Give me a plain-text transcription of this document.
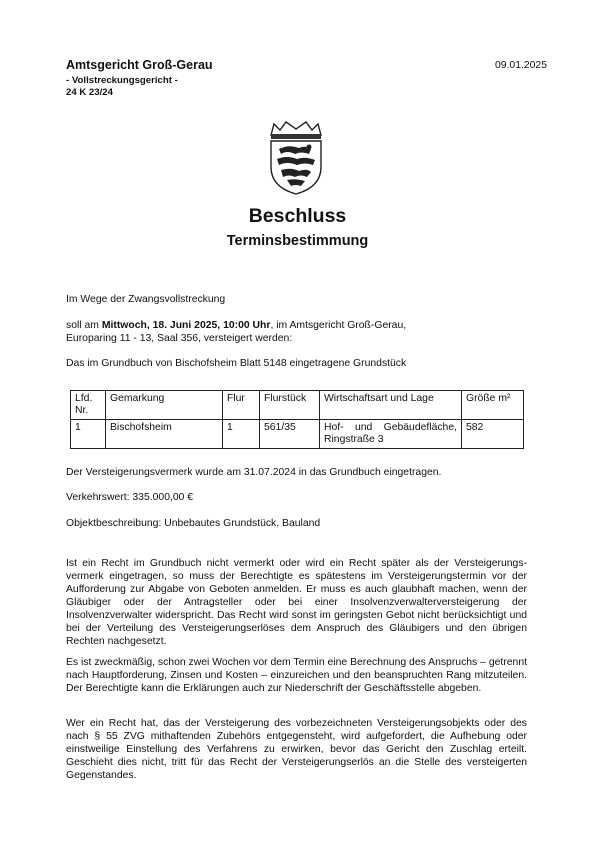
Amtsgericht Groß-Gerau
- Vollstreckungsgericht -
24 K 23/24
09.01.2025
Beschluss
Terminsbestimmung
Im Wege der Zwangsvollstreckung
soll am Mittwoch, 18. Juni 2025, 10:00 Uhr, im Amtsgericht Groß-Gerau,
Europaring 11 - 13, Saal 356, versteigert werden:
Das im Grundbuch von Bischofsheim Blatt 5148 eingetragene Grundstück
Lfd. Nr.	Gemarkung	Flur	Flurstück	Wirtschaftsart und Lage	Größe m²
1	Bischofsheim	1	561/35	Hof- und Gebäudefläche, Ringstraße 3	582
Der Versteigerungsvermerk wurde am 31.07.2024 in das Grundbuch eingetragen.
Verkehrswert: 335.000,00 €
Objektbeschreibung: Unbebautes Grundstück, Bauland
Ist ein Recht im Grundbuch nicht vermerkt oder wird ein Recht später als der Versteigerungsvermerk eingetragen, so muss der Berechtigte es spätestens im Versteigerungstermin vor der Aufforderung zur Abgabe von Geboten anmelden. Er muss es auch glaubhaft machen, wenn der Gläubiger oder der Antragsteller oder bei einer Insolvenzverwalterversteigerung der Insolvenzverwalter widerspricht. Das Recht wird sonst im geringsten Gebot nicht berücksichtigt und bei der Verteilung des Versteigerungserlöses dem Anspruch des Gläubigers und den übrigen Rechten nachgesetzt.
Es ist zweckmäßig, schon zwei Wochen vor dem Termin eine Berechnung des Anspruchs – getrennt nach Hauptforderung, Zinsen und Kosten – einzureichen und den beanspruchten Rang mitzuteilen. Der Berechtigte kann die Erklärungen auch zur Niederschrift der Geschäftsstelle abgeben.
Wer ein Recht hat, das der Versteigerung des vorbezeichneten Versteigerungsobjekts oder des nach § 55 ZVG mithaftenden Zubehörs entgegensteht, wird aufgefordert, die Aufhebung oder einstweilige Einstellung des Verfahrens zu erwirken, bevor das Gericht den Zuschlag erteilt. Geschieht dies nicht, tritt für das Recht der Versteigerungserlös an die Stelle des versteigerten Gegenstandes.
